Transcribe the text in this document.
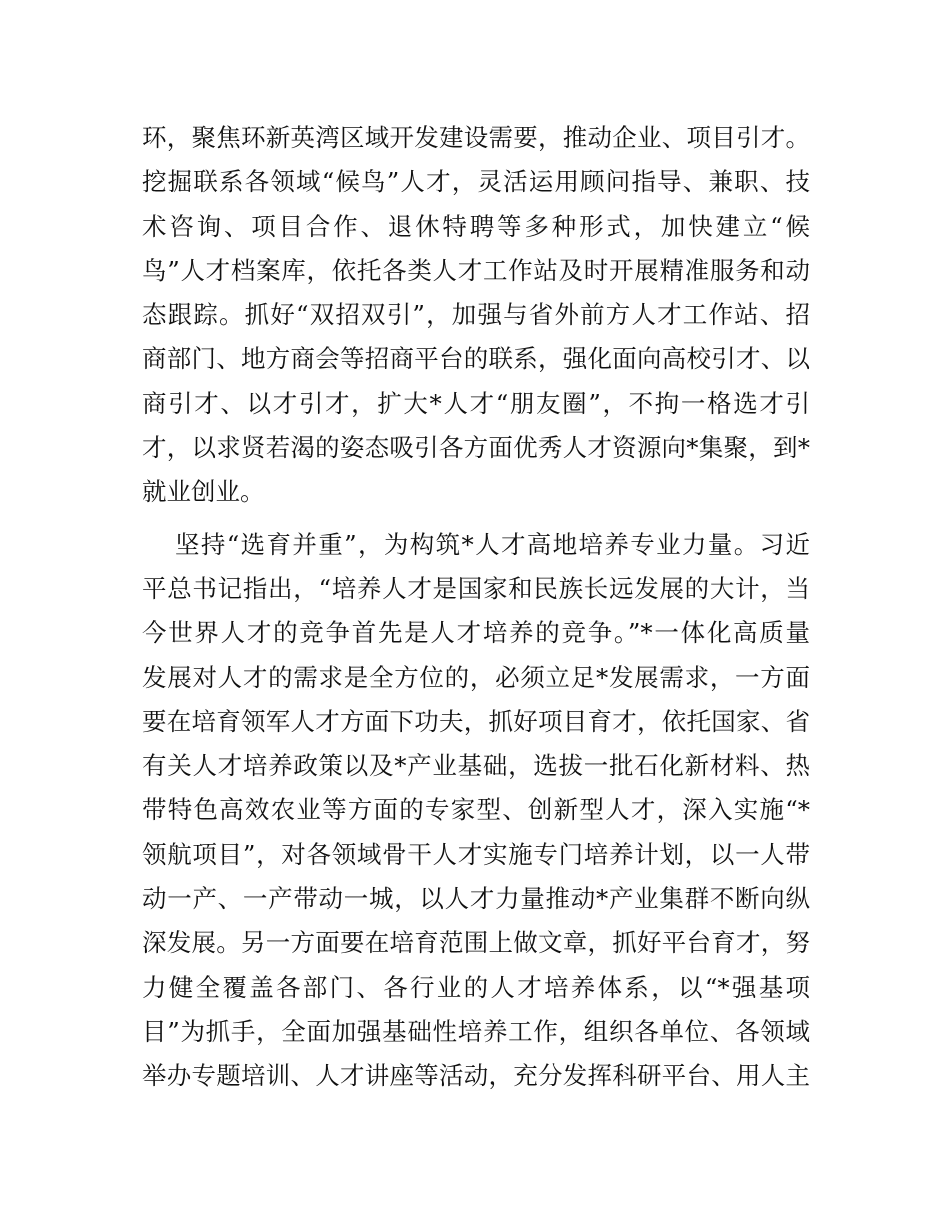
环，聚焦环新英湾区域开发建设需要，推动企业、项目引才。
挖掘联系各领域“候鸟”人才，灵活运用顾问指导、兼职、技
术咨询、项目合作、退休特聘等多种形式，加快建立“候
鸟”人才档案库，依托各类人才工作站及时开展精准服务和动
态跟踪。抓好“双招双引”，加强与省外前方人才工作站、招
商部门、地方商会等招商平台的联系，强化面向高校引才、以
商引才、以才引才，扩大*人才“朋友圈”，不拘一格选才引
才，以求贤若渴的姿态吸引各方面优秀人才资源向*集聚，到*
就业创业。
坚持“选育并重”，为构筑*人才高地培养专业力量。习近
平总书记指出，“培养人才是国家和民族长远发展的大计，当
今世界人才的竞争首先是人才培养的竞争。”*一体化高质量
发展对人才的需求是全方位的，必须立足*发展需求，一方面
要在培育领军人才方面下功夫，抓好项目育才，依托国家、省
有关人才培养政策以及*产业基础，选拔一批石化新材料、热
带特色高效农业等方面的专家型、创新型人才，深入实施“*
领航项目”，对各领域骨干人才实施专门培养计划，以一人带
动一产、一产带动一城，以人才力量推动*产业集群不断向纵
深发展。另一方面要在培育范围上做文章，抓好平台育才，努
力健全覆盖各部门、各行业的人才培养体系，以“*强基项
目”为抓手，全面加强基础性培养工作，组织各单位、各领域
举办专题培训、人才讲座等活动，充分发挥科研平台、用人主
